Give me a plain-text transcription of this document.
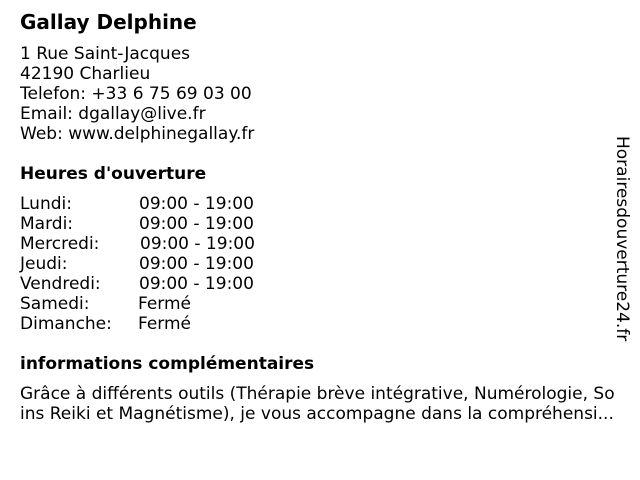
Gallay Delphine
1 Rue Saint-Jacques
42190 Charlieu
Telefon: +33 6 75 69 03 00
Email: dgallay@live.fr
Web: www.delphinegallay.fr
Heures d'ouverture
Lundi:	09:00 - 19:00
Mardi:	09:00 - 19:00
Mercredi: 09:00 - 19:00
Jeudi:	09:00 - 19:00
Vendredi: 09:00 - 19:00
Samedi:	Fermé
Dimanche: Fermé
informations complémentaires
Grâce à différents outils (Thérapie brève intégrative, Numérologie, So
ins Reiki et Magnétisme), je vous accompagne dans la compréhensi...
Horairesdouverture24.fr
